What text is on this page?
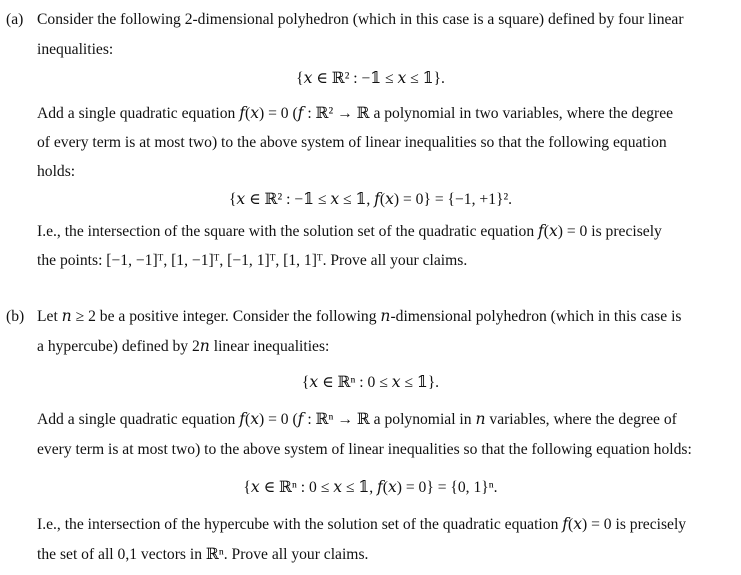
(a) Consider the following 2-dimensional polyhedron (which in this case is a square) defined by four linear
inequalities:
{𝑥 ∈ ℝ² : −𝟙 ≤ 𝑥 ≤ 𝟙}.
Add a single quadratic equation 𝑓(𝑥) = 0 (𝑓 : ℝ² → ℝ a polynomial in two variables, where the degree
of every term is at most two) to the above system of linear inequalities so that the following equation
holds:
{𝑥 ∈ ℝ² : −𝟙 ≤ 𝑥 ≤ 𝟙, 𝑓(𝑥) = 0} = {−1, +1}².
I.e., the intersection of the square with the solution set of the quadratic equation 𝑓(𝑥) = 0 is precisely
the points: [−1, −1]ᵀ, [1, −1]ᵀ, [−1, 1]ᵀ, [1, 1]ᵀ. Prove all your claims.
(b) Let 𝑛 ≥ 2 be a positive integer. Consider the following 𝑛-dimensional polyhedron (which in this case is
a hypercube) defined by 2𝑛 linear inequalities:
{𝑥 ∈ ℝⁿ : 0 ≤ 𝑥 ≤ 𝟙}.
Add a single quadratic equation 𝑓(𝑥) = 0 (𝑓 : ℝⁿ → ℝ a polynomial in 𝑛 variables, where the degree of
every term is at most two) to the above system of linear inequalities so that the following equation holds:
{𝑥 ∈ ℝⁿ : 0 ≤ 𝑥 ≤ 𝟙, 𝑓(𝑥) = 0} = {0, 1}ⁿ.
I.e., the intersection of the hypercube with the solution set of the quadratic equation 𝑓(𝑥) = 0 is precisely
the set of all 0,1 vectors in ℝⁿ. Prove all your claims.
